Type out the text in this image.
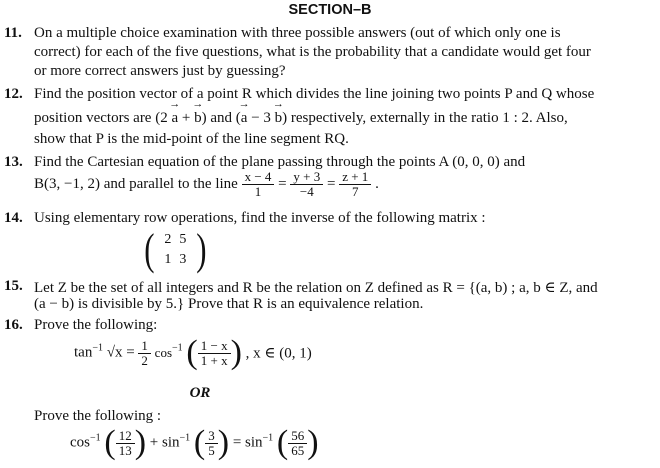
SECTION–B
11. On a multiple choice examination with three possible answers (out of which only one is
correct) for each of the five questions, what is the probability that a candidate would get four
or more correct answers just by guessing?
12. Find the position vector of a point R which divides the line joining two points P and Q whose
position vectors are (2 → a + → b) and (→ a − 3 → b) respectively, externally in the ratio 1 : 2. Also,
show that P is the mid-point of the line segment RQ.
13. Find the Cartesian equation of the plane passing through the points A (0, 0, 0) and
B(3, −1, 2) and parallel to the line $\frac{x - 4}{1} = \frac{y + 3}{-4} = \frac{z + 1}{7}$ .
14. Using elementary row operations, find the inverse of the following matrix :
( 2	5
1	3 )
15. Let Z be the set of all integers and R be the relation on Z defined as R = {(a, b) ; a, b ∈ Z, and
(a − b) is divisible by 5.} Prove that R is an equivalence relation.
16. Prove the following:
$\tan^{-1} √x = \frac{1}{2} \cos^{-1}$ ( $\frac{1 - x}{1 + x}$ ) , x ∈ (0, 1)
OR
Prove the following :
$\cos^{-1}$ ( $\frac{12}{13}$ ) + $\sin^{-1}$ ( $\frac{3}{5}$ ) = $\sin^{-1}$ ( $\frac{56}{65}$ )
